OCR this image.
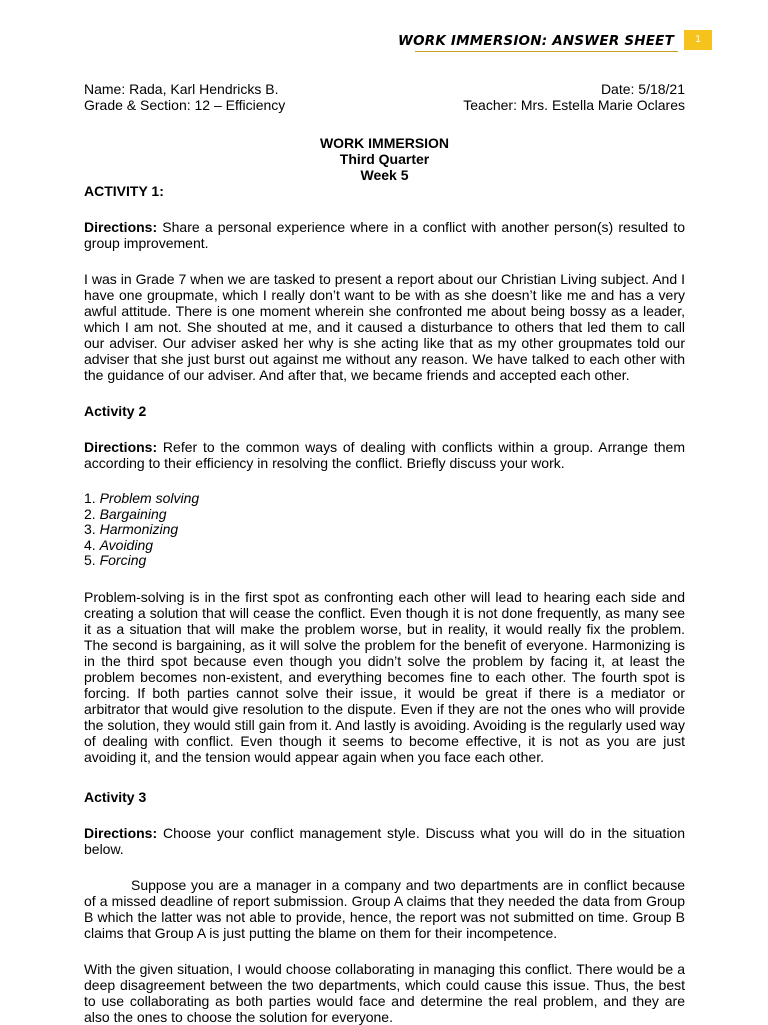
WORK IMMERSION: ANSWER SHEET	1
Name: Rada, Karl Hendricks B.	Date: 5/18/21
Grade & Section: 12 – Efficiency	Teacher: Mrs. Estella Marie Oclares
WORK IMMERSION
Third Quarter
Week 5
ACTIVITY 1:

Directions: Share a personal experience where in a conflict with another person(s) resulted to group improvement.

I was in Grade 7 when we are tasked to present a report about our Christian Living subject. And I have one groupmate, which I really don’t want to be with as she doesn’t like me and has a very awful attitude. There is one moment wherein she confronted me about being bossy as a leader, which I am not. She shouted at me, and it caused a disturbance to others that led them to call our adviser. Our adviser asked her why is she acting like that as my other groupmates told our adviser that she just burst out against me without any reason. We have talked to each other with the guidance of our adviser. And after that, we became friends and accepted each other.

Activity 2

Directions: Refer to the common ways of dealing with conflicts within a group. Arrange them according to their efficiency in resolving the conflict. Briefly discuss your work.

1. Problem solving
2. Bargaining
3. Harmonizing
4. Avoiding
5. Forcing

Problem-solving is in the first spot as confronting each other will lead to hearing each side and creating a solution that will cease the conflict. Even though it is not done frequently, as many see it as a situation that will make the problem worse, but in reality, it would really fix the problem. The second is bargaining, as it will solve the problem for the benefit of everyone. Harmonizing is in the third spot because even though you didn’t solve the problem by facing it, at least the problem becomes non-existent, and everything becomes fine to each other. The fourth spot is forcing. If both parties cannot solve their issue, it would be great if there is a mediator or arbitrator that would give resolution to the dispute. Even if they are not the ones who will provide the solution, they would still gain from it. And lastly is avoiding. Avoiding is the regularly used way of dealing with conflict. Even though it seems to become effective, it is not as you are just avoiding it, and the tension would appear again when you face each other.

Activity 3

Directions: Choose your conflict management style. Discuss what you will do in the situation below.

Suppose you are a manager in a company and two departments are in conflict because of a missed deadline of report submission. Group A claims that they needed the data from Group B which the latter was not able to provide, hence, the report was not submitted on time. Group B claims that Group A is just putting the blame on them for their incompetence.

With the given situation, I would choose collaborating in managing this conflict. There would be a deep disagreement between the two departments, which could cause this issue. Thus, the best to use collaborating as both parties would face and determine the real problem, and they are also the ones to choose the solution for everyone.
